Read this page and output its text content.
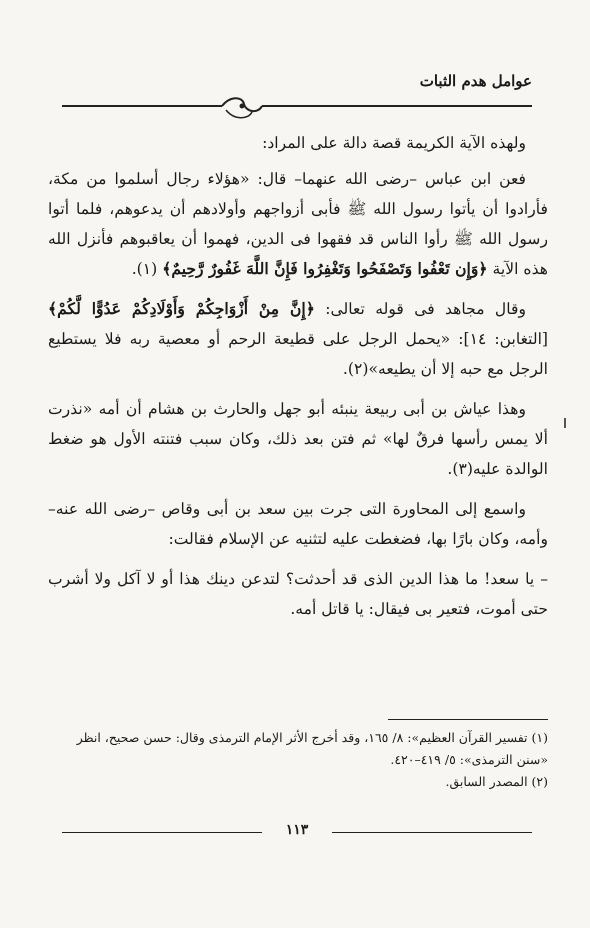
عوامل هدم الثبات

ولهذه الآية الكريمة قصة دالة على المراد:

فعن ابن عباس –رضى الله عنهما– قال: «هؤلاء رجال أسلموا من مكة، فأرادوا أن يأتوا رسول الله ﷺ فأبى أزواجهم وأولادهم أن يدعوهم، فلما أتوا رسول الله ﷺ رأوا الناس قد فقهوا فى الدين، فهموا أن يعاقبوهم فأنزل الله هذه الآية ﴿وَإِن تَعْفُوا وَتَصْفَحُوا وَتَغْفِرُوا فَإِنَّ اللَّهَ غَفُورٌ رَّحِيمٌ﴾ (١).

وقال مجاهد فى قوله تعالى: ﴿إِنَّ مِنْ أَزْوَاجِكُمْ وَأَوْلَادِكُمْ عَدُوًّا لَّكُمْ﴾ [التغابن: ١٤]: «يحمل الرجل على قطيعة الرحم أو معصية ربه فلا يستطيع الرجل مع حبه إلا أن يطيعه»(٢).

وهذا عياش بن أبى ربيعة ينبئه أبو جهل والحارث بن هشام أن أمه «نذرت ألا يمس رأسها فرقٌ لها» ثم فتن بعد ذلك، وكان سبب فتنته الأول هو ضغط الوالدة عليه(٣).

واسمع إلى المحاورة التى جرت بين سعد بن أبى وقاص –رضى الله عنه– وأمه، وكان بارًا بها، فضغطت عليه لتثنيه عن الإسلام فقالت:

– يا سعد! ما هذا الدين الذى قد أحدثت؟ لتدعن دينك هذا أو لا آكل ولا أشرب حتى أموت، فتعير بى فيقال: يا قاتل أمه.

(١) تفسير القرآن العظيم»: ٨/ ١٦٥، وقد أخرج الأثر الإمام الترمذى وقال: حسن صحيح، انظر «سنن الترمذى»: ٥/ ٤١٩–٤٢٠.

(٢) المصدر السابق.

١١٣
